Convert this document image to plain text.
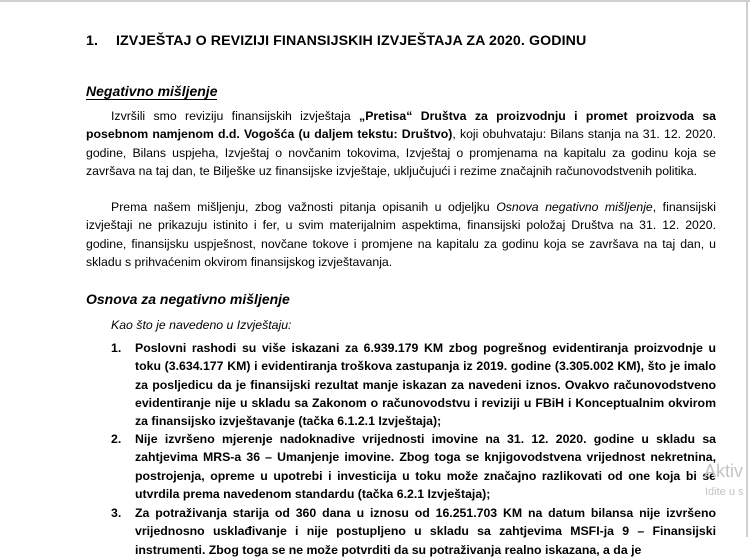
1. IZVJEŠTAJ O REVIZIJI FINANSIJSKIH IZVJEŠTAJA ZA 2020. GODINU
Negativno mišljenje

Izvršili smo reviziju finansijskih izvještaja „Pretisa“ Društva za proizvodnju i promet proizvoda sa posebnom namjenom d.d. Vogošća (u daljem tekstu: Društvo), koji obuhvataju: Bilans stanja na 31. 12. 2020. godine, Bilans uspjeha, Izvještaj o novčanim tokovima, Izvještaj o promjenama na kapitalu za godinu koja se završava na taj dan, te Bilješke uz finansijske izvještaje, uključujući i rezime značajnih računovodstvenih politika.

Prema našem mišljenju, zbog važnosti pitanja opisanih u odjeljku Osnova negativno mišljenje, finansijski izvještaji ne prikazuju istinito i fer, u svim materijalnim aspektima, finansijski položaj Društva na 31. 12. 2020. godine, finansijsku uspješnost, novčane tokove i promjene na kapitalu za godinu koja se završava na taj dan, u skladu s prihvaćenim okvirom finansijskog izvještavanja.

Osnova za negativno mišljenje
Kao što je navedeno u Izvještaju:
1. Poslovni rashodi su više iskazani za 6.939.179 KM zbog pogrešnog evidentiranja proizvodnje u toku (3.634.177 KM) i evidentiranja troškova zastupanja iz 2019. godine (3.305.002 KM), što je imalo za posljedicu da je finansijski rezultat manje iskazan za navedeni iznos. Ovakvo računovodstveno evidentiranje nije u skladu sa Zakonom o računovodstvu i reviziji u FBiH i Konceptualnim okvirom za finansijsko izvještavanje (tačka 6.1.2.1 Izvještaja);
2. Nije izvršeno mjerenje nadoknadive vrijednosti imovine na 31. 12. 2020. godine u skladu sa zahtjevima MRS-a 36 – Umanjenje imovine. Zbog toga se knjigovodstvena vrijednost nekretnina, postrojenja, opreme u upotrebi i investicija u toku može značajno razlikovati od one koja bi se utvrdila prema navedenom standardu (tačka 6.2.1 Izvještaja);
3. Za potraživanja starija od 360 dana u iznosu od 16.251.703 KM na datum bilansa nije izvršeno vrijednosno usklađivanje i nije postupljeno u skladu sa zahtjevima MSFI-ja 9 – Finansijski instrumenti. Zbog toga se ne može potvrditi da su potraživanja realno iskazana, a da je
Aktiv
Idite u s
